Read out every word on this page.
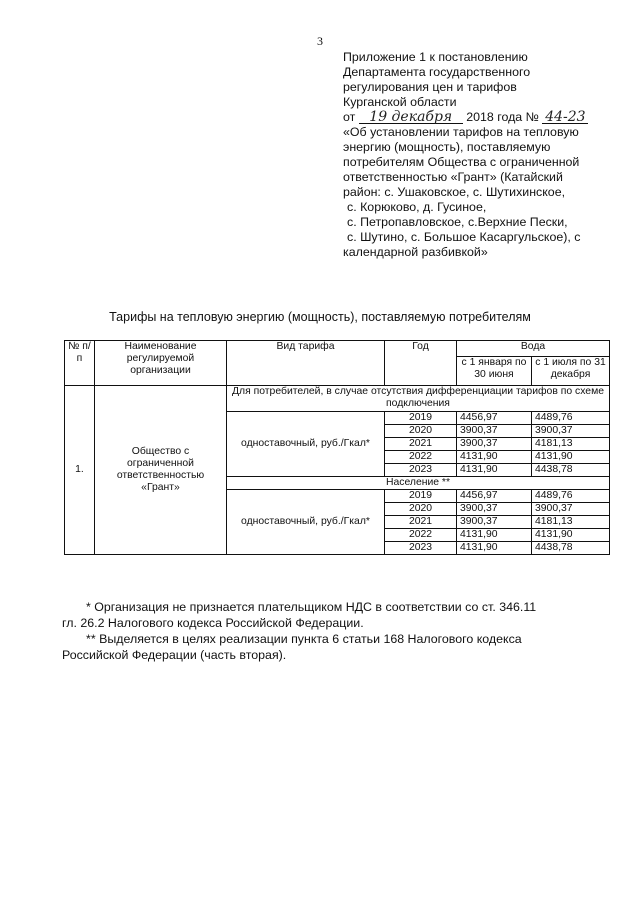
3
Приложение 1 к постановлению
Департамента государственного
регулирования цен и тарифов
Курганской области
от 19 декабря 2018 года № 44-23
«Об установлении тарифов на тепловую
энергию (мощность), поставляемую
потребителям Общества с ограниченной
ответственностью «Грант» (Катайский
район: с. Ушаковское, с. Шутихинское,
с. Корюково, д. Гусиное,
с. Петропавловское, с.Верхние Пески,
с. Шутино, с. Большое Касаргульское), с
календарной разбивкой»
Тарифы на тепловую энергию (мощность), поставляемую потребителям
№ п/п	Наименование регулируемой организации	Вид тарифа	Год	Вода	
				с 1 января по 30 июня	с 1 июля по 31 декабря
1.	Общество с ограниченной ответственностью «Грант»	Для потребителей, в случае отсутствия дифференциации тарифов по схеме подключения			
		одноставочный, руб./Гкал*	2019	4456,97	4489,76
			2020	3900,37	3900,37
			2021	3900,37	4181,13
			2022	4131,90	4131,90
			2023	4131,90	4438,78
		Население **			
		одноставочный, руб./Гкал*	2019	4456,97	4489,76
			2020	3900,37	3900,37
			2021	3900,37	4181,13
			2022	4131,90	4131,90
			2023	4131,90	4438,78

* Организация не признается плательщиком НДС в соответствии со ст. 346.11

гл. 26.2 Налогового кодекса Российской Федерации.

** Выделяется в целях реализации пункта 6 статьи 168 Налогового кодекса

Российской Федерации (часть вторая).
